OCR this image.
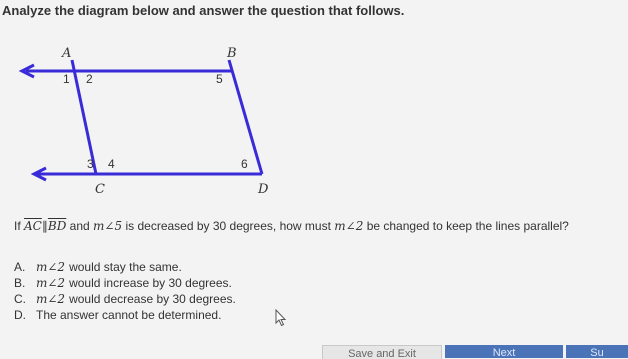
Analyze the diagram below and answer the question that follows.
A	B
C	D
1 2	5
3 4	6
If $\overline{AC}\parallel\overline{BD}$ and m∠5 is decreased by 30 degrees, how must m∠2 be changed to keep the lines parallel?
A. m∠2 would stay the same.
B. m∠2 would increase by 30 degrees.
C. m∠2 would decrease by 30 degrees.
D. The answer cannot be determined.
Save and Exit	Next	Su
